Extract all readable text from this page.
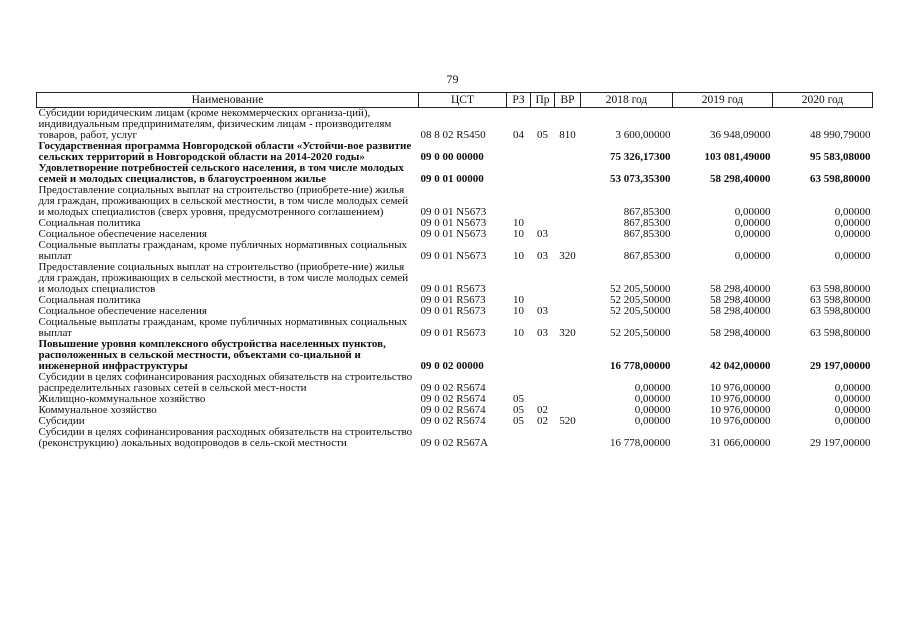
79
Наименование	ЦСТ	РЗ	Пр	ВР	2018 год	2019 год	2020 год
Субсидии юридическим лицам (кроме некоммерческих организа-ций), индивидуальным предпринимателям, физическим лицам - производителям товаров, работ, услуг	08 8 02 R5450	04	05	810	3 600,00000	36 948,09000	48 990,79000
Государственная программа Новгородской области «Устойчи-вое развитие сельских территорий в Новгородской области на 2014-2020 годы»	09 0 00 00000				75 326,17300	103 081,49000	95 583,08000
Удовлетворение потребностей сельского населения, в том числе молодых семей и молодых специалистов, в благоустроенном жилье	09 0 01 00000				53 073,35300	58 298,40000	63 598,80000
Предоставление социальных выплат на строительство (приобрете-ние) жилья для граждан, проживающих в сельской местности, в том числе молодых семей и молодых специалистов (сверх уровня, предусмотренного соглашением)	09 0 01 N5673				867,85300	0,00000	0,00000
Социальная политика	09 0 01 N5673	10			867,85300	0,00000	0,00000
Социальное обеспечение населения	09 0 01 N5673	10	03		867,85300	0,00000	0,00000
Социальные выплаты гражданам, кроме публичных нормативных социальных выплат	09 0 01 N5673	10	03	320	867,85300	0,00000	0,00000
Предоставление социальных выплат на строительство (приобрете-ние) жилья для граждан, проживающих в сельской местности, в том числе молодых семей и молодых специалистов	09 0 01 R5673				52 205,50000	58 298,40000	63 598,80000
Социальная политика	09 0 01 R5673	10			52 205,50000	58 298,40000	63 598,80000
Социальное обеспечение населения	09 0 01 R5673	10	03		52 205,50000	58 298,40000	63 598,80000
Социальные выплаты гражданам, кроме публичных нормативных социальных выплат	09 0 01 R5673	10	03	320	52 205,50000	58 298,40000	63 598,80000
Повышение уровня комплексного обустройства населенных пунктов, расположенных в сельской местности, объектами со-циальной и инженерной инфраструктуры	09 0 02 00000				16 778,00000	42 042,00000	29 197,00000
Субсидии в целях софинансирования расходных обязательств на строительство распределительных газовых сетей в сельской мест-ности	09 0 02 R5674				0,00000	10 976,00000	0,00000
Жилищно-коммунальное хозяйство	09 0 02 R5674	05			0,00000	10 976,00000	0,00000
Коммунальное хозяйство	09 0 02 R5674	05	02		0,00000	10 976,00000	0,00000
Субсидии	09 0 02 R5674	05	02	520	0,00000	10 976,00000	0,00000
Субсидии в целях софинансирования расходных обязательств на строительство (реконструкцию) локальных водопроводов в сель-ской местности	09 0 02 R567A				16 778,00000	31 066,00000	29 197,00000
